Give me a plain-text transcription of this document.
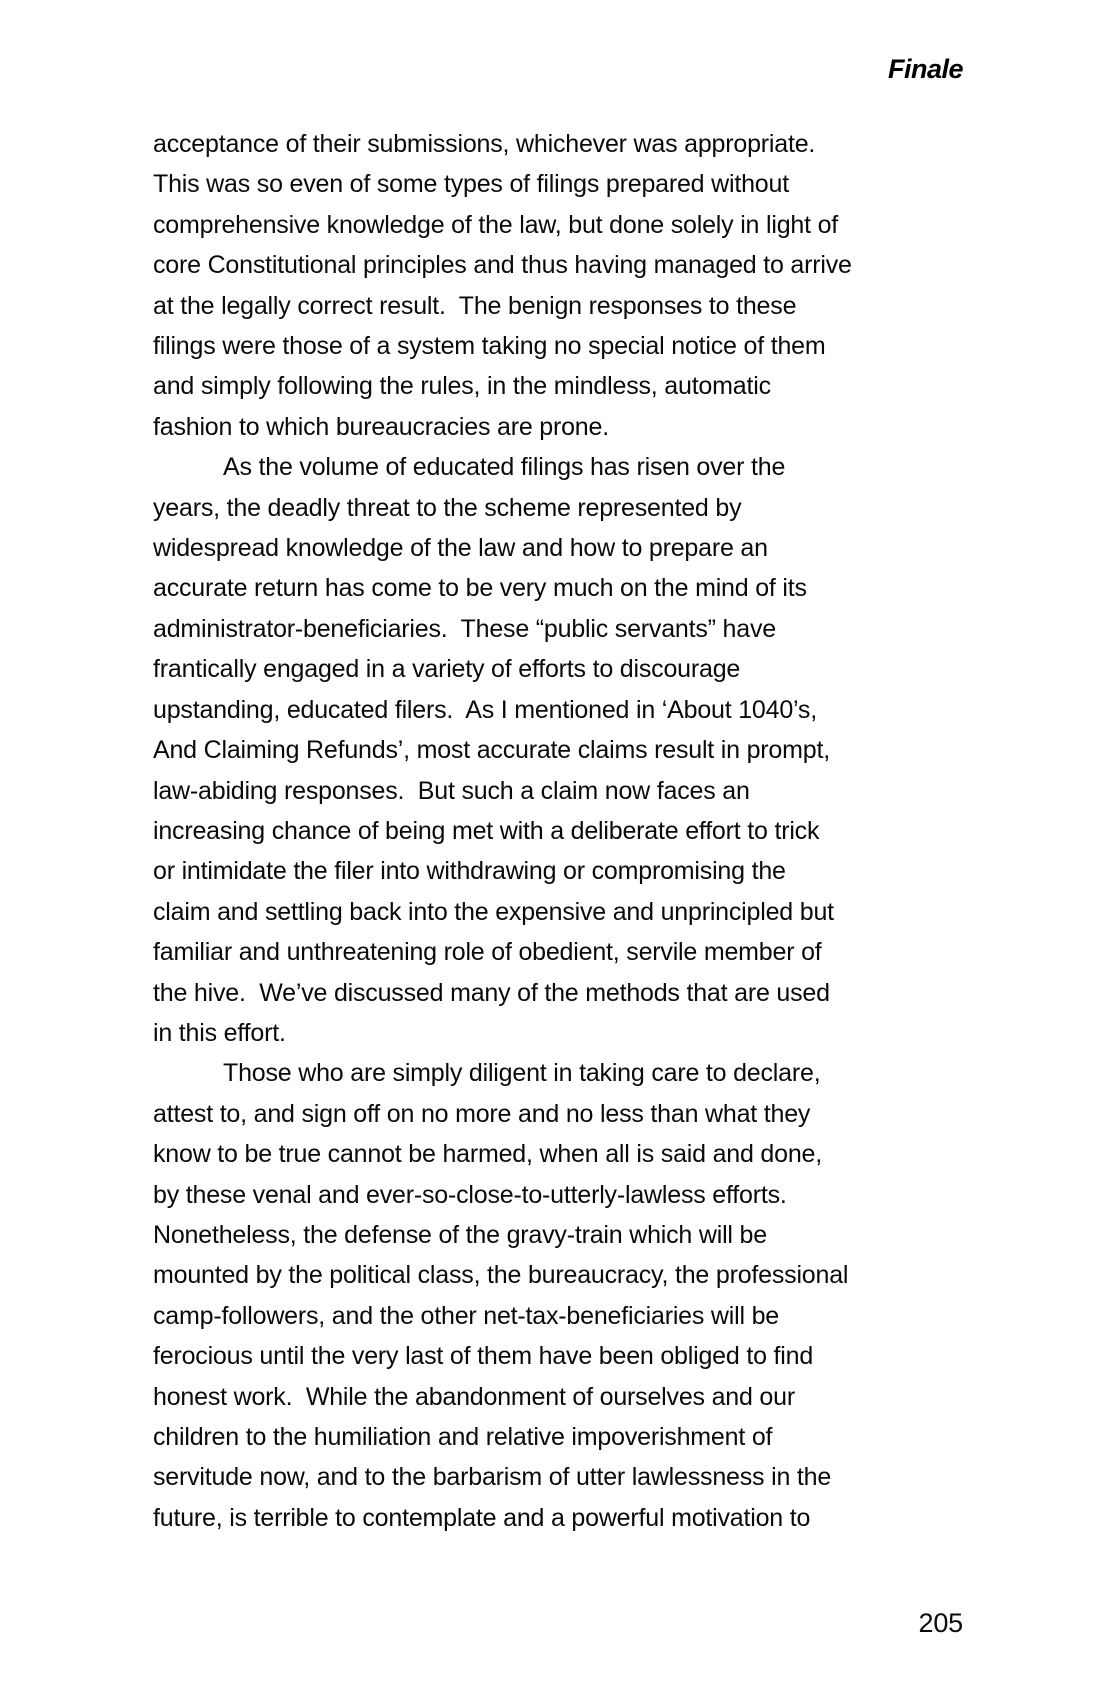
Finale

acceptance of their submissions, whichever was appropriate.
This was so even of some types of filings prepared without
comprehensive knowledge of the law, but done solely in light of
core Constitutional principles and thus having managed to arrive
at the legally correct result.  The benign responses to these
filings were those of a system taking no special notice of them
and simply following the rules, in the mindless, automatic
fashion to which bureaucracies are prone.

As the volume of educated filings has risen over the
years, the deadly threat to the scheme represented by
widespread knowledge of the law and how to prepare an
accurate return has come to be very much on the mind of its
administrator-beneficiaries.  These “public servants” have
frantically engaged in a variety of efforts to discourage
upstanding, educated filers.  As I mentioned in ‘About 1040’s,
And Claiming Refunds’, most accurate claims result in prompt,
law-abiding responses.  But such a claim now faces an
increasing chance of being met with a deliberate effort to trick
or intimidate the filer into withdrawing or compromising the
claim and settling back into the expensive and unprincipled but
familiar and unthreatening role of obedient, servile member of
the hive.  We’ve discussed many of the methods that are used
in this effort.

Those who are simply diligent in taking care to declare,
attest to, and sign off on no more and no less than what they
know to be true cannot be harmed, when all is said and done,
by these venal and ever-so-close-to-utterly-lawless efforts.
Nonetheless, the defense of the gravy-train which will be
mounted by the political class, the bureaucracy, the professional
camp-followers, and the other net-tax-beneficiaries will be
ferocious until the very last of them have been obliged to find
honest work.  While the abandonment of ourselves and our
children to the humiliation and relative impoverishment of
servitude now, and to the barbarism of utter lawlessness in the
future, is terrible to contemplate and a powerful motivation to

205
